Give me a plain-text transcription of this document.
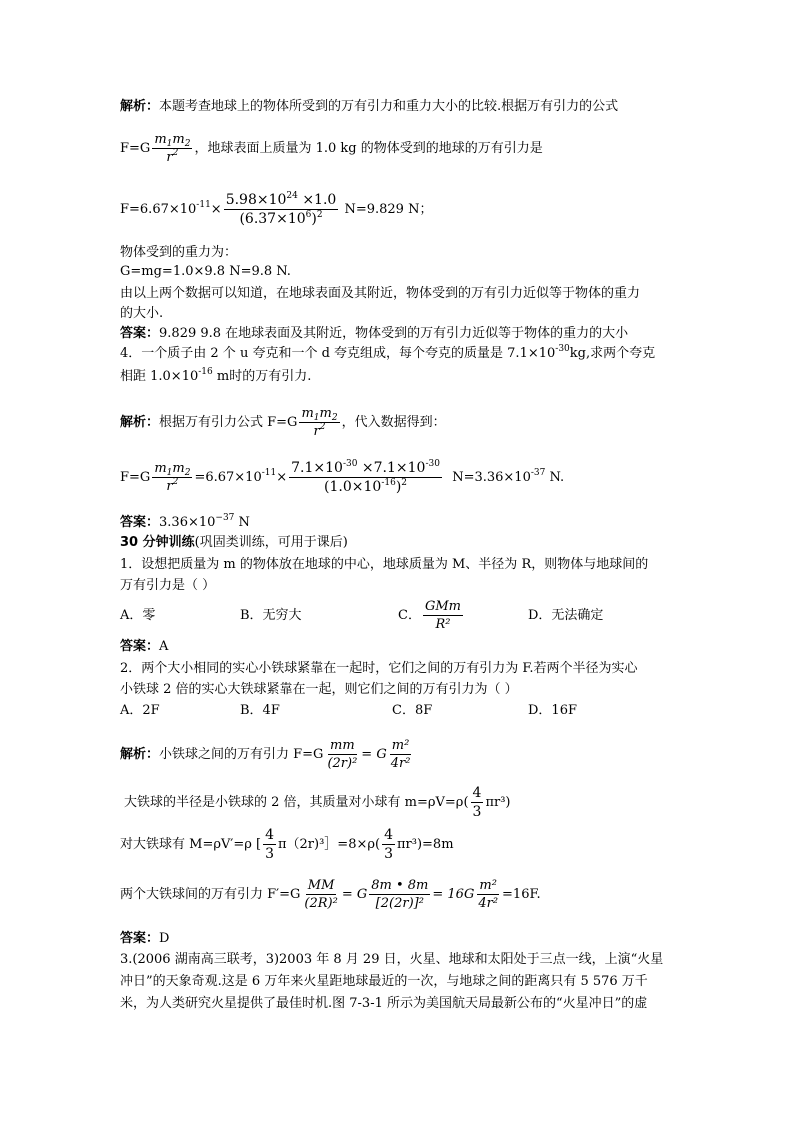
解析：本题考查地球上的物体所受到的万有引力和重力大小的比较.根据万有引力的公式
$F=G \frac{m_1m_2}{r^2}$ ，地球表面上质量为 1.0 kg 的物体受到的地球的万有引力是
$F=6.67\times 10^{-11}\times \frac{5.98\times 10^{24} \times 1.0}{(6.37\times 10^6)^2} N=9.829$ N；
物体受到的重力为：
G=mg=1.0×9.8 N=9.8 N.
由以上两个数据可以知道，在地球表面及其附近，物体受到的万有引力近似等于物体的重力
的大小.
答案：9.829 9.8 在地球表面及其附近，物体受到的万有引力近似等于物体的重力的大小
4．一个质子由 2 个 u 夸克和一个 d 夸克组成，每个夸克的质量是 $7.1\times 10^{-30}kg$,求两个夸克
相距 $1.0\times 10^{-16}$ m时的万有引力.
解析：根据万有引力公式 $F=G \frac{m_1m_2}{r^2}$ ，代入数据得到：
$F=G \frac{m_1m_2}{r^2} =6.67\times 10^{-11}\times \frac{7.1\times 10^{-30} \times 7.1\times 10^{-30}}{(1.0\times 10^{-16})^2} N=3.36\times 10^{-37}$ N.
答案：$3.36\times 10^{-37}$ N
30 分钟训练(巩固类训练，可用于课后)
1．设想把质量为 m 的物体放在地球的中心，地球质量为 M、半径为 R，则物体与地球间的
万有引力是（ ）
A．零	B．无穷大	C． $\frac{\text{GMm}}{\text{R²}}$	D．无法确定
答案：A
2．两个大小相同的实心小铁球紧靠在一起时，它们之间的万有引力为 F.若两个半径为实心
小铁球 2 倍的实心大铁球紧靠在一起，则它们之间的万有引力为（ ）
A．2F	B．4F	C．8F	D．16F
解析：小铁球之间的万有引力 $F=G \frac{mm}{\text{(2r)²}} = G \frac{\text{m²}}{\text{4r²}}$
大铁球的半径是小铁球的 2 倍，其质量对小球有 $m=\rho V=\rho( \frac{4}{3} \pi r^3)$
对大铁球有 M=ρV′=ρ [ $\frac{4}{3}$ π（2r)³］=8×ρ( $\frac{4}{3} \pi r^3)=8m$
两个大铁球间的万有引力 $F'=G \frac{MM}{\text{(2R)²}} = G \frac{8m • 8m}{\text{[2(2r)]²}} = 16G \frac{\text{m²}}{\text{4r²}} =16F$.
答案：D
3.(2006 湖南高三联考，3)2003 年 8 月 29 日，火星、地球和太阳处于三点一线，上演“火星
冲日”的天象奇观.这是 6 万年来火星距地球最近的一次，与地球之间的距离只有 5 576 万千
米，为人类研究火星提供了最佳时机.图 7-3-1 所示为美国航天局最新公布的“火星冲日”的虚
